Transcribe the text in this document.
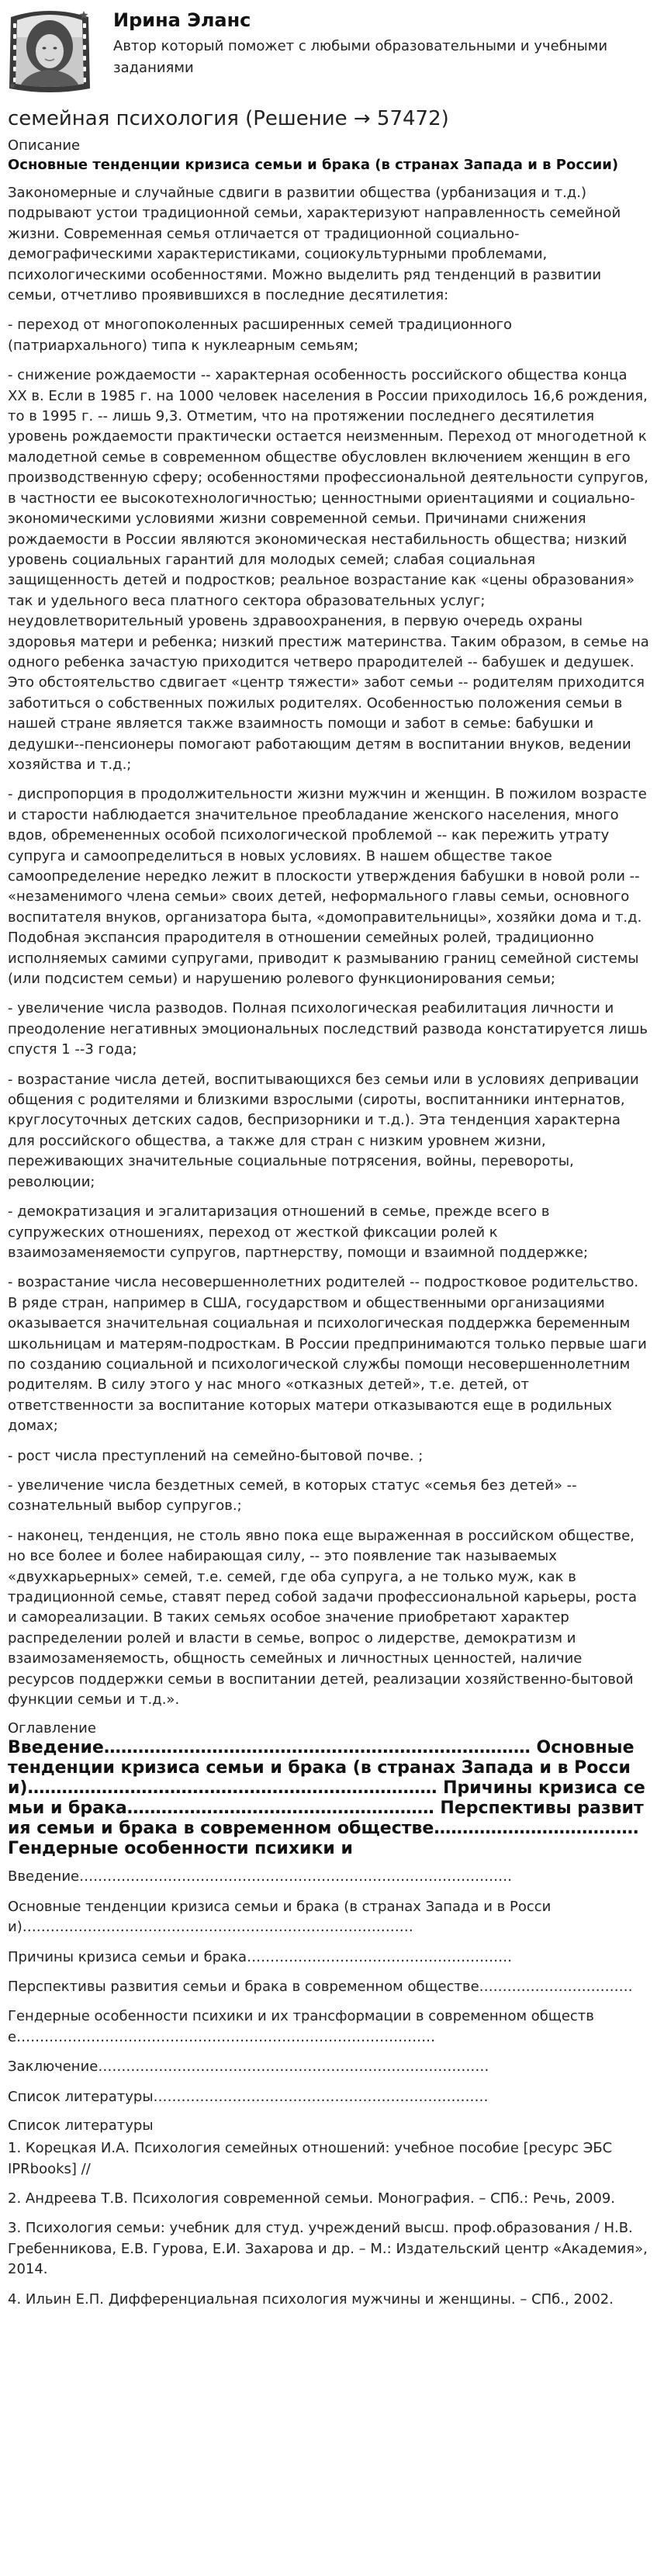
Ирина Эланс
Автор который поможет с любыми образовательными и учебными заданиями
семейная психология (Решение → 57472)
Описание
Основные тенденции кризиса семьи и брака (в странах Запада и в России)

Закономерные и случайные сдвиги в развитии общества (урбанизация и т.д.) подрывают устои традиционной семьи, характеризуют направленность семейной жизни. Современная семья отличается от традиционной социально-демографическими характеристиками, социокультурными проблемами, психологическими особенностями. Можно выделить ряд тенденций в развитии семьи, отчетливо проявившихся в последние десятилетия:

- переход от многопоколенных расширенных семей традиционного (патриархального) типа к нуклеарным семьям;

- снижение рождаемости -- характерная особенность российского общества конца XX в. Если в 1985 г. на 1000 человек населения в России приходилось 16,6 рождения, то в 1995 г. -- лишь 9,3. Отметим, что на протяжении последнего десятилетия уровень рождаемости практически остается неизменным. Переход от многодетной к малодетной семье в современном обществе обусловлен включением женщин в его производственную сферу; особенностями профессиональной деятельности супругов, в частности ее высокотехнологичностью; ценностными ориентациями и социально-экономическими условиями жизни современной семьи. Причинами снижения рождаемости в России являются экономическая нестабильность общества; низкий уровень социальных гарантий для молодых семей; слабая социальная защищенность детей и подростков; реальное возрастание как «цены образования» так и удельного веса платного сектора образовательных услуг; неудовлетворительный уровень здравоохранения, в первую очередь охраны здоровья матери и ребенка; низкий престиж материнства. Таким образом, в семье на одного ребенка зачастую приходится четверо прародителей -- бабушек и дедушек. Это обстоятельство сдвигает «центр тяжести» забот семьи -- родителям приходится заботиться о собственных пожилых родителях. Особенностью положения семьи в нашей стране является также взаимность помощи и забот в семье: бабушки и дедушки--пенсионеры помогают работающим детям в воспитании внуков, ведении хозяйства и т.д.;

- диспропорция в продолжительности жизни мужчин и женщин. В пожилом возрасте и старости наблюдается значительное преобладание женского населения, много вдов, обремененных особой психологической проблемой -- как пережить утрату супруга и самоопределиться в новых условиях. В нашем обществе такое самоопределение нередко лежит в плоскости утверждения бабушки в новой роли -- «незаменимого члена семьи» своих детей, неформального главы семьи, основного воспитателя внуков, организатора быта, «домоправительницы», хозяйки дома и т.д. Подобная экспансия прародителя в отношении семейных ролей, традиционно исполняемых самими супругами, приводит к размыванию границ семейной системы (или подсистем семьи) и нарушению ролевого функционирования семьи;

- увеличение числа разводов. Полная психологическая реабилитация личности и преодоление негативных эмоциональных последствий развода констатируется лишь спустя 1 --3 года;

- возрастание числа детей, воспитывающихся без семьи или в условиях депривации общения с родителями и близкими взрослыми (сироты, воспитанники интернатов, круглосуточных детских садов, беспризорники и т.д.). Эта тенденция характерна для российского общества, а также для стран с низким уровнем жизни, переживающих значительные социальные потрясения, войны, перевороты, революции;

- демократизация и эгалитаризация отношений в семье, прежде всего в супружеских отношениях, переход от жесткой фиксации ролей к взаимозаменяемости супругов, партнерству, помощи и взаимной поддержке;

- возрастание числа несовершеннолетних родителей -- подростковое родительство. В ряде стран, например в США, государством и общественными организациями оказывается значительная социальная и психологическая поддержка беременным школьницам и матерям-подросткам. В России предпринимаются только первые шаги по созданию социальной и психологической службы помощи несовершеннолетним родителям. В силу этого у нас много «отказных детей», т.е. детей, от ответственности за воспитание которых матери отказываются еще в родильных домах;

- рост числа преступлений на семейно-бытовой почве. ;

- увеличение числа бездетных семей, в которых статус «семья без детей» -- сознательный выбор супругов.;

- наконец, тенденция, не столь явно пока еще выраженная в российском обществе, но все более и более набирающая силу, -- это появление так называемых «двухкарьерных» семей, т.е. семей, где оба супруга, а не только муж, как в традиционной семье, ставят перед собой задачи профессиональной карьеры, роста и самореализации. В таких семьях особое значение приобретают характер распределении ролей и власти в семье, вопрос о лидерстве, демократизм и взаимозаменяемость, общность семейных и личностных ценностей, наличие ресурсов поддержки семьи в воспитании детей, реализации хозяйственно-бытовой функции семьи и т.д.».

Оглавление
Введение………………………………………………………………… Основные тенденции кризиса семьи и брака (в странах Запада и в России)……………………………………………………………… Причины кризиса семьи и брака……………………………………………… Перспективы развития семьи и брака в современном обществе……………………………… Гендерные особенности психики и

Введение…………………………………………………………………………………

Основные тенденции кризиса семьи и брака (в странах Запада и в России)…………………………………………………………………………

Причины кризиса семьи и брака…………………………………………………

Перспективы развития семьи и брака в современном обществе……………………………

Гендерные особенности психики и их трансформации в современном обществе………………………………………………………………………………

Заключение…………………………………………………………………………

Список литературы………………………………………………………………

Список литературы

1. Корецкая И.А. Психология семейных отношений: учебное пособие [ресурс ЭБС IPRbooks] //

2. Андреева Т.В. Психология современной семьи. Монография. – СПб.: Речь, 2009.

3. Психология семьи: учебник для студ. учреждений высш. проф.образования / Н.В. Гребенникова, Е.В. Гурова, Е.И. Захарова и др. – М.: Издательский центр «Академия», 2014.

4. Ильин Е.П. Дифференциальная психология мужчины и женщины. – СПб., 2002.
